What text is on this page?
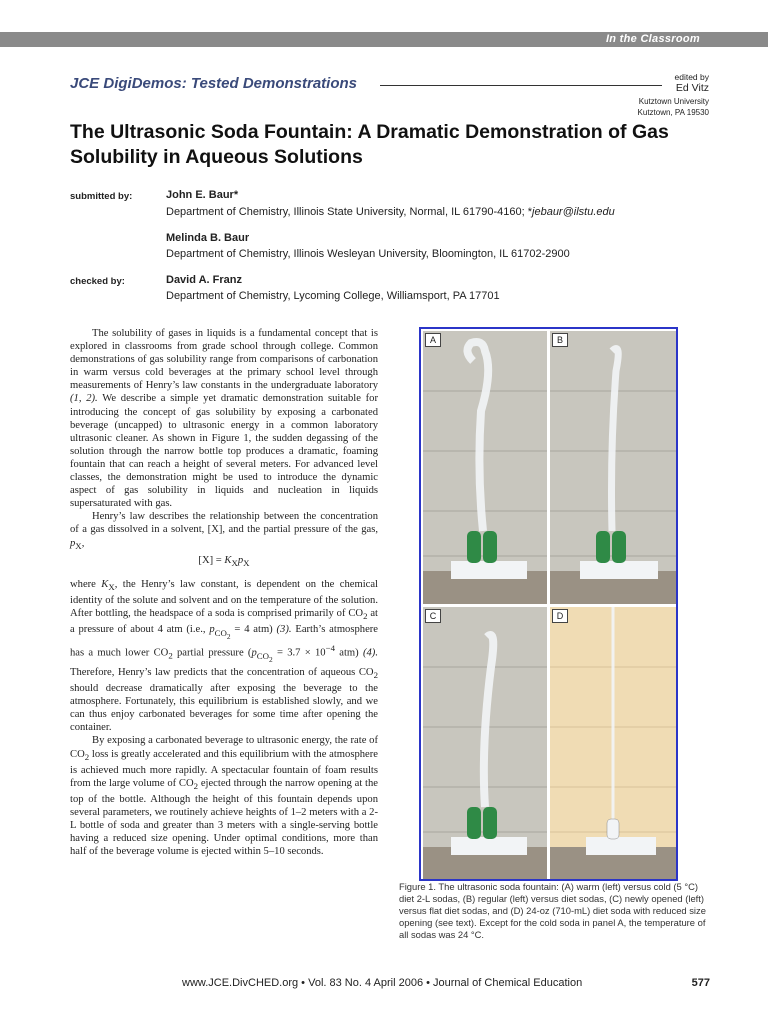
In the Classroom
JCE DigiDemos: Tested Demonstrations	edited by
Ed Vitz
Kutztown University
Kutztown, PA 19530
The Ultrasonic Soda Fountain: A Dramatic Demonstration of Gas Solubility in Aqueous Solutions
submitted by:	John E. Baur*
Department of Chemistry, Illinois State University, Normal, IL 61790-4160; *jebaur@ilstu.edu
Melinda B. Baur
Department of Chemistry, Illinois Wesleyan University, Bloomington, IL 61702-2900
checked by:	David A. Franz
Department of Chemistry, Lycoming College, Williamsport, PA 17701

The solubility of gases in liquids is a fundamental concept that is explored in classrooms from grade school through college. Common demonstrations of gas solubility range from comparisons of carbonation in warm versus cold beverages at the primary school level through measurements of Henry’s law constants in the undergraduate laboratory (1, 2). We describe a simple yet dramatic demonstration suitable for introducing the concept of gas solubility by exposing a carbonated beverage (uncapped) to ultrasonic energy in a common laboratory ultrasonic cleaner. As shown in Figure 1, the sudden degassing of the solution through the narrow bottle top produces a dramatic, foaming fountain that can reach a height of several meters. For advanced level classes, the demonstration might be used to introduce the dynamic aspect of gas solubility in liquids and nucleation in liquids supersaturated with gas.

Henry’s law describes the relationship between the concentration of a gas dissolved in a solvent, [X], and the partial pressure of the gas, $p_X$,

$[X] = K_Xp_X$

where $K_X$, the Henry’s law constant, is dependent on the chemical identity of the solute and solvent and on the temperature of the solution. After bottling, the headspace of a soda is comprised primarily of $CO_2$ at a pressure of about 4 atm (i.e., $p_{CO_2} = 4$ atm) (3). Earth’s atmosphere has a much lower $CO_2$ partial pressure ($p_{CO_2} = 3.7 \times 10^{-4}$ atm) (4). Therefore, Henry’s law predicts that the concentration of aqueous $CO_2$ should decrease dramatically after exposing the beverage to the atmosphere. Fortunately, this equilibrium is established slowly, and we can thus enjoy carbonated beverages for some time after opening the container.

By exposing a carbonated beverage to ultrasonic energy, the rate of $CO_2$ loss is greatly accelerated and this equilibrium with the atmosphere is achieved much more rapidly. A spectacular fountain of foam results from the large volume of $CO_2$ ejected through the narrow opening at the top of the bottle. Although the height of this fountain depends upon several parameters, we routinely achieve heights of 1–2 meters with a 2-L bottle of soda and greater than 3 meters with a single-serving bottle having a reduced size opening. Under optimal conditions, more than half of the beverage volume is ejected within 5–10 seconds.

A	B
C	D
Figure 1. The ultrasonic soda fountain: (A) warm (left) versus cold (5 °C) diet 2-L sodas, (B) regular (left) versus diet sodas, (C) newly opened (left) versus flat diet sodas, and (D) 24-oz (710-mL) diet soda with reduced size opening (see text). Except for the cold soda in panel A, the temperature of all sodas was 24 °C.
www.JCE.DivCHED.org • Vol. 83 No. 4 April 2006 • Journal of Chemical Education	577
